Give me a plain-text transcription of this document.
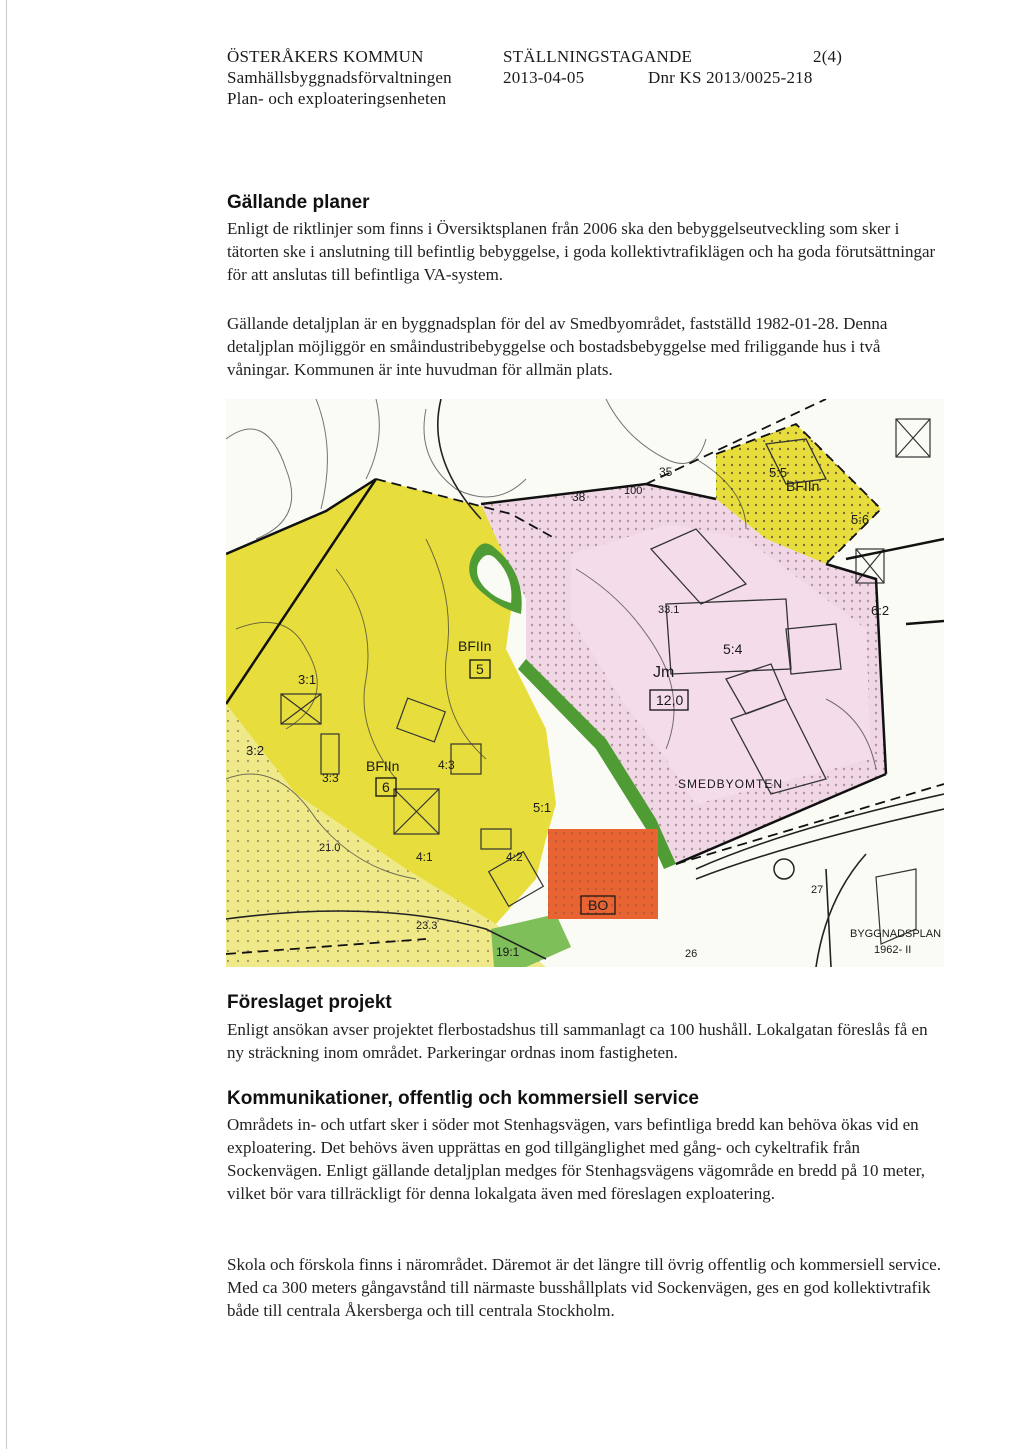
ÖSTERÅKERS KOMMUN
Samhällsbyggnadsförvaltningen
Plan- och exploateringsenheten
STÄLLNINGSTAGANDE	2(4)
2013-04-05	Dnr KS 2013/0025-218
Gällande planer
Enligt de riktlinjer som finns i Översiktsplanen från 2006 ska den bebyggelseutveckling som sker i tätorten ske i anslutning till befintlig bebyggelse, i goda kollektivtrafiklägen och ha goda förutsättningar för att anslutas till befintliga VA-system.
Gällande detaljplan är en byggnadsplan för del av Smedbyområdet, fastställd 1982-01-28. Denna detaljplan möjliggör en småindustribebyggelse och bostadsbebyggelse med friliggande hus i två våningar. Kommunen är inte huvudman för allmän plats.
BFIIn
BFIIn
5
BFIIn
6
Jm
12,0
SMEDBYOMTEN
BO
BYGGNADSPLAN
1962- II
35
38	100
33.1
5:4
5:5
5:6
6:2
3:1
3:2
3:3
4:3
4:1	4:2
5:1
27
26
19:1
21.0
23.3
Föreslaget projekt
Enligt ansökan avser projektet flerbostadshus till sammanlagt ca 100 hushåll. Lokalgatan föreslås få en ny sträckning inom området. Parkeringar ordnas inom fastigheten.
Kommunikationer, offentlig och kommersiell service
Områdets in- och utfart sker i söder mot Stenhagsvägen, vars befintliga bredd kan behöva ökas vid en exploatering. Det behövs även upprättas en god tillgänglighet med gång- och cykeltrafik från Sockenvägen. Enligt gällande detaljplan medges för Stenhagsvägens vägområde en bredd på 10 meter, vilket bör vara tillräckligt för denna lokalgata även med föreslagen exploatering.
Skola och förskola finns i närområdet. Däremot är det längre till övrig offentlig och kommersiell service. Med ca 300 meters gångavstånd till närmaste busshållplats vid Sockenvägen, ges en god kollektivtrafik både till centrala Åkersberga och till centrala Stockholm.
